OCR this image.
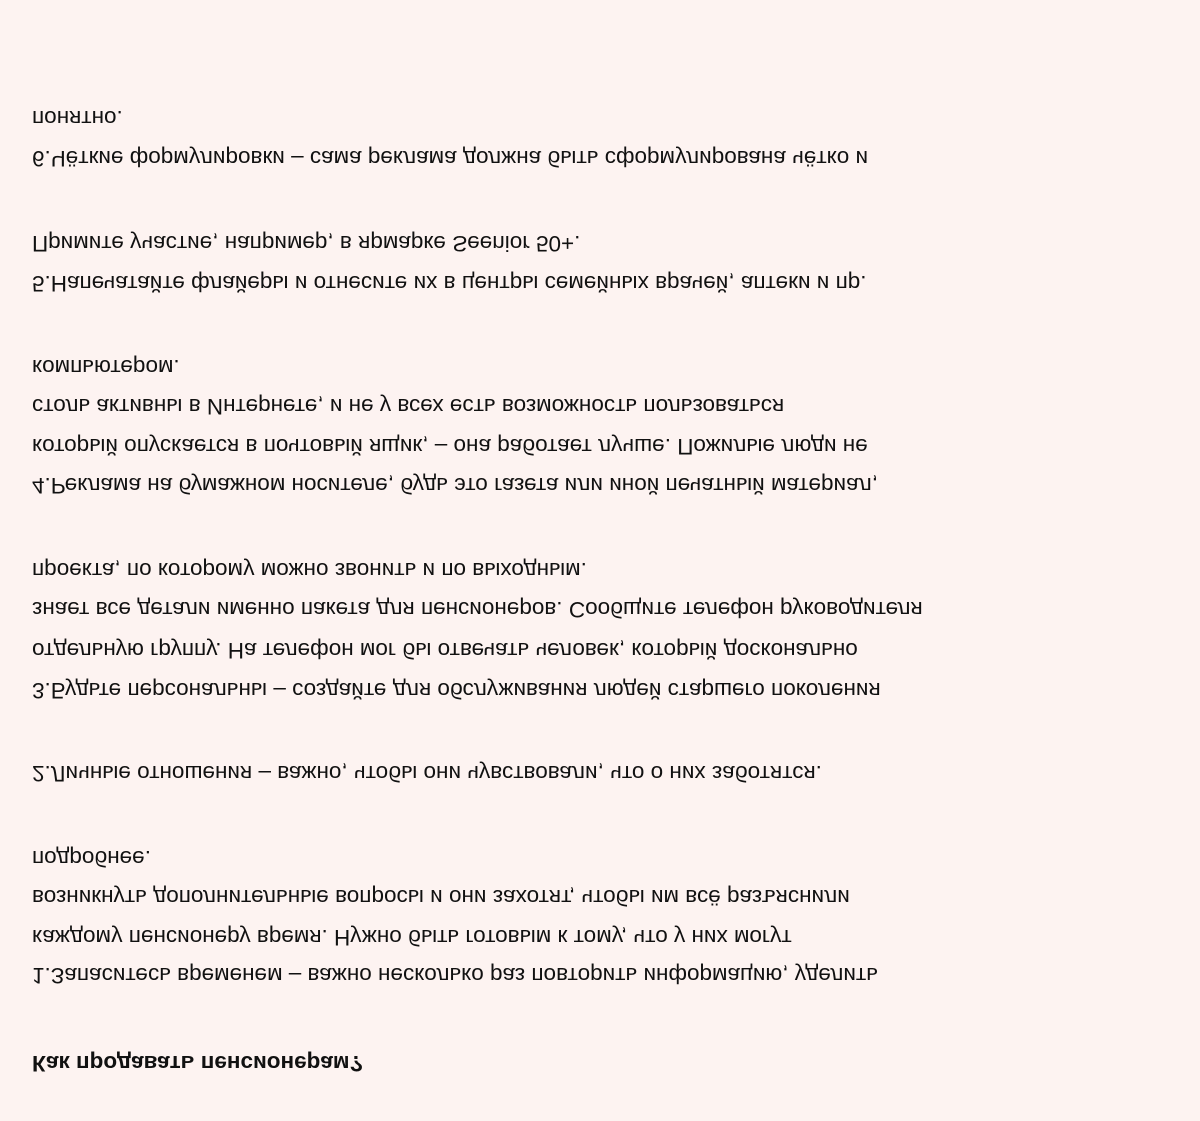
Как продавать пенсионерам?
1.Запаситесь временем – важно несколько раз повторить информацию, уделить
каждому пенсионеру время. Нужно быть готовым к тому, что у них могут
возникнуть дополнительные вопросы и они захотят, чтобы им всё разъяснили
подробнее.
2.Личные отношения – важно, чтобы они чувствовали, что о них заботятся.
3.Будьте персональны – создайте для обслуживания людей старшего поколения
отдельную группу. На телефон мог бы отвечать человек, который досконально
знает все детали именно пакета для пенсионеров. Сообщите телефон руководителя
проекта, по которому можно звонить и по выходным.
4.Реклама на бумажном носителе, будь это газета или иной печатный материал,
который опускается в почтовый ящик, – она работает лучше. Пожилые люди не
столь активны в Интернете, и не у всех есть возможность пользоваться
компьютером.
5.Напечатайте флайеры и отнесите их в центры семейных врачей, аптеки и пр.
Примите участие, например, в ярмарке Seenior 50+.
6.Чёткие формулировки – сама реклама должна быть сформулирована чётко и
понятно.
